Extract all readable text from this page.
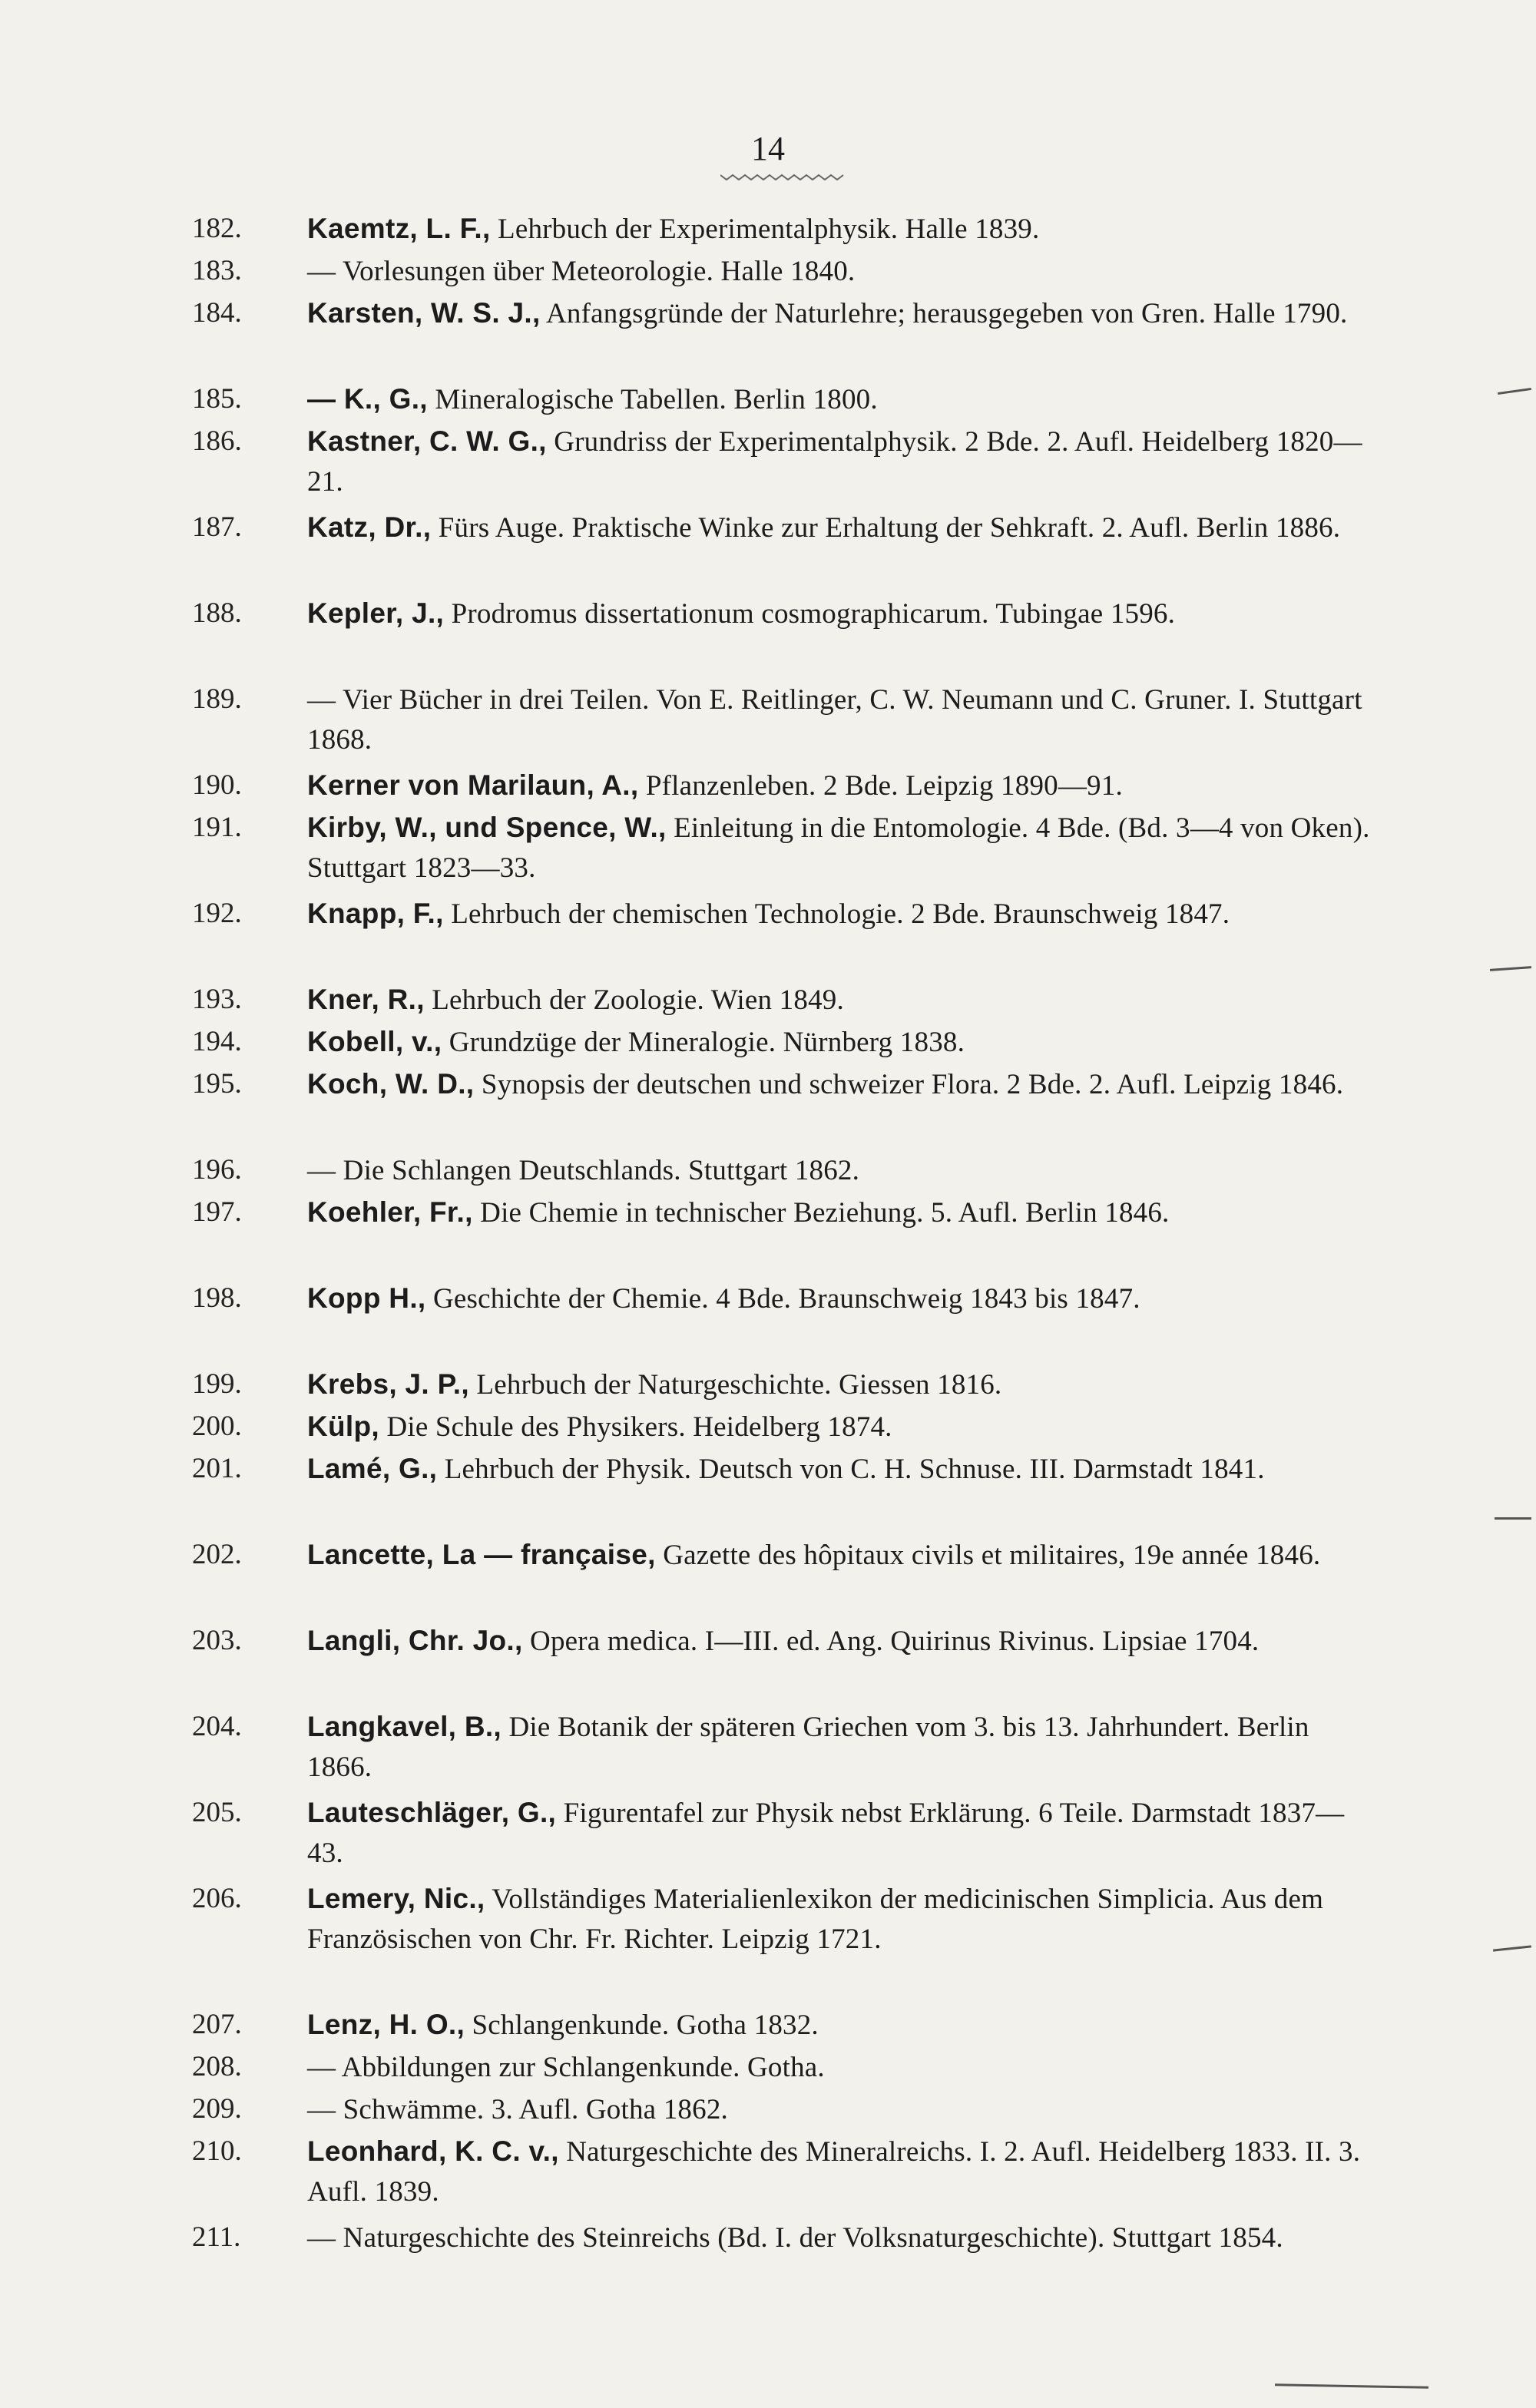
14
182.	Kaemtz, L. F., Lehrbuch der Experimentalphysik. Halle 1839.
183.	— Vorlesungen über Meteorologie. Halle 1840.
184.	Karsten, W. S. J., Anfangsgründe der Naturlehre; herausgegeben von Gren. Halle 1790.
185.	— K., G., Mineralogische Tabellen. Berlin 1800.
186.	Kastner, C. W. G., Grundriss der Experimentalphysik. 2 Bde. 2. Aufl. Heidelberg 1820—21.
187.	Katz, Dr., Fürs Auge. Praktische Winke zur Erhaltung der Sehkraft. 2. Aufl. Berlin 1886.
188.	Kepler, J., Prodromus dissertationum cosmographicarum. Tubingae 1596.
189.	— Vier Bücher in drei Teilen. Von E. Reitlinger, C. W. Neumann und C. Gruner. I. Stuttgart 1868.
190.	Kerner von Marilaun, A., Pflanzenleben. 2 Bde. Leipzig 1890—91.
191.	Kirby, W., und Spence, W., Einleitung in die Entomologie. 4 Bde. (Bd. 3—4 von Oken). Stuttgart 1823—33.
192.	Knapp, F., Lehrbuch der chemischen Technologie. 2 Bde. Braunschweig 1847.
193.	Kner, R., Lehrbuch der Zoologie. Wien 1849.
194.	Kobell, v., Grundzüge der Mineralogie. Nürnberg 1838.
195.	Koch, W. D., Synopsis der deutschen und schweizer Flora. 2 Bde. 2. Aufl. Leipzig 1846.
196.	— Die Schlangen Deutschlands. Stuttgart 1862.
197.	Koehler, Fr., Die Chemie in technischer Beziehung. 5. Aufl. Berlin 1846.
198.	Kopp H., Geschichte der Chemie. 4 Bde. Braunschweig 1843 bis 1847.
199.	Krebs, J. P., Lehrbuch der Naturgeschichte. Giessen 1816.
200.	Külp, Die Schule des Physikers. Heidelberg 1874.
201.	Lamé, G., Lehrbuch der Physik. Deutsch von C. H. Schnuse. III. Darmstadt 1841.
202.	Lancette, La — française, Gazette des hôpitaux civils et militaires, 19e année 1846.
203.	Langli, Chr. Jo., Opera medica. I—III. ed. Ang. Quirinus Rivinus. Lipsiae 1704.
204.	Langkavel, B., Die Botanik der späteren Griechen vom 3. bis 13. Jahrhundert. Berlin 1866.
205.	Lauteschläger, G., Figurentafel zur Physik nebst Erklärung. 6 Teile. Darmstadt 1837—43.
206.	Lemery, Nic., Vollständiges Materialienlexikon der medicinischen Simplicia. Aus dem Französischen von Chr. Fr. Richter. Leipzig 1721.
207.	Lenz, H. O., Schlangenkunde. Gotha 1832.
208.	— Abbildungen zur Schlangenkunde. Gotha.
209.	— Schwämme. 3. Aufl. Gotha 1862.
210.	Leonhard, K. C. v., Naturgeschichte des Mineralreichs. I. 2. Aufl. Heidelberg 1833. II. 3. Aufl. 1839.
211.	— Naturgeschichte des Steinreichs (Bd. I. der Volksnaturgeschichte). Stuttgart 1854.
